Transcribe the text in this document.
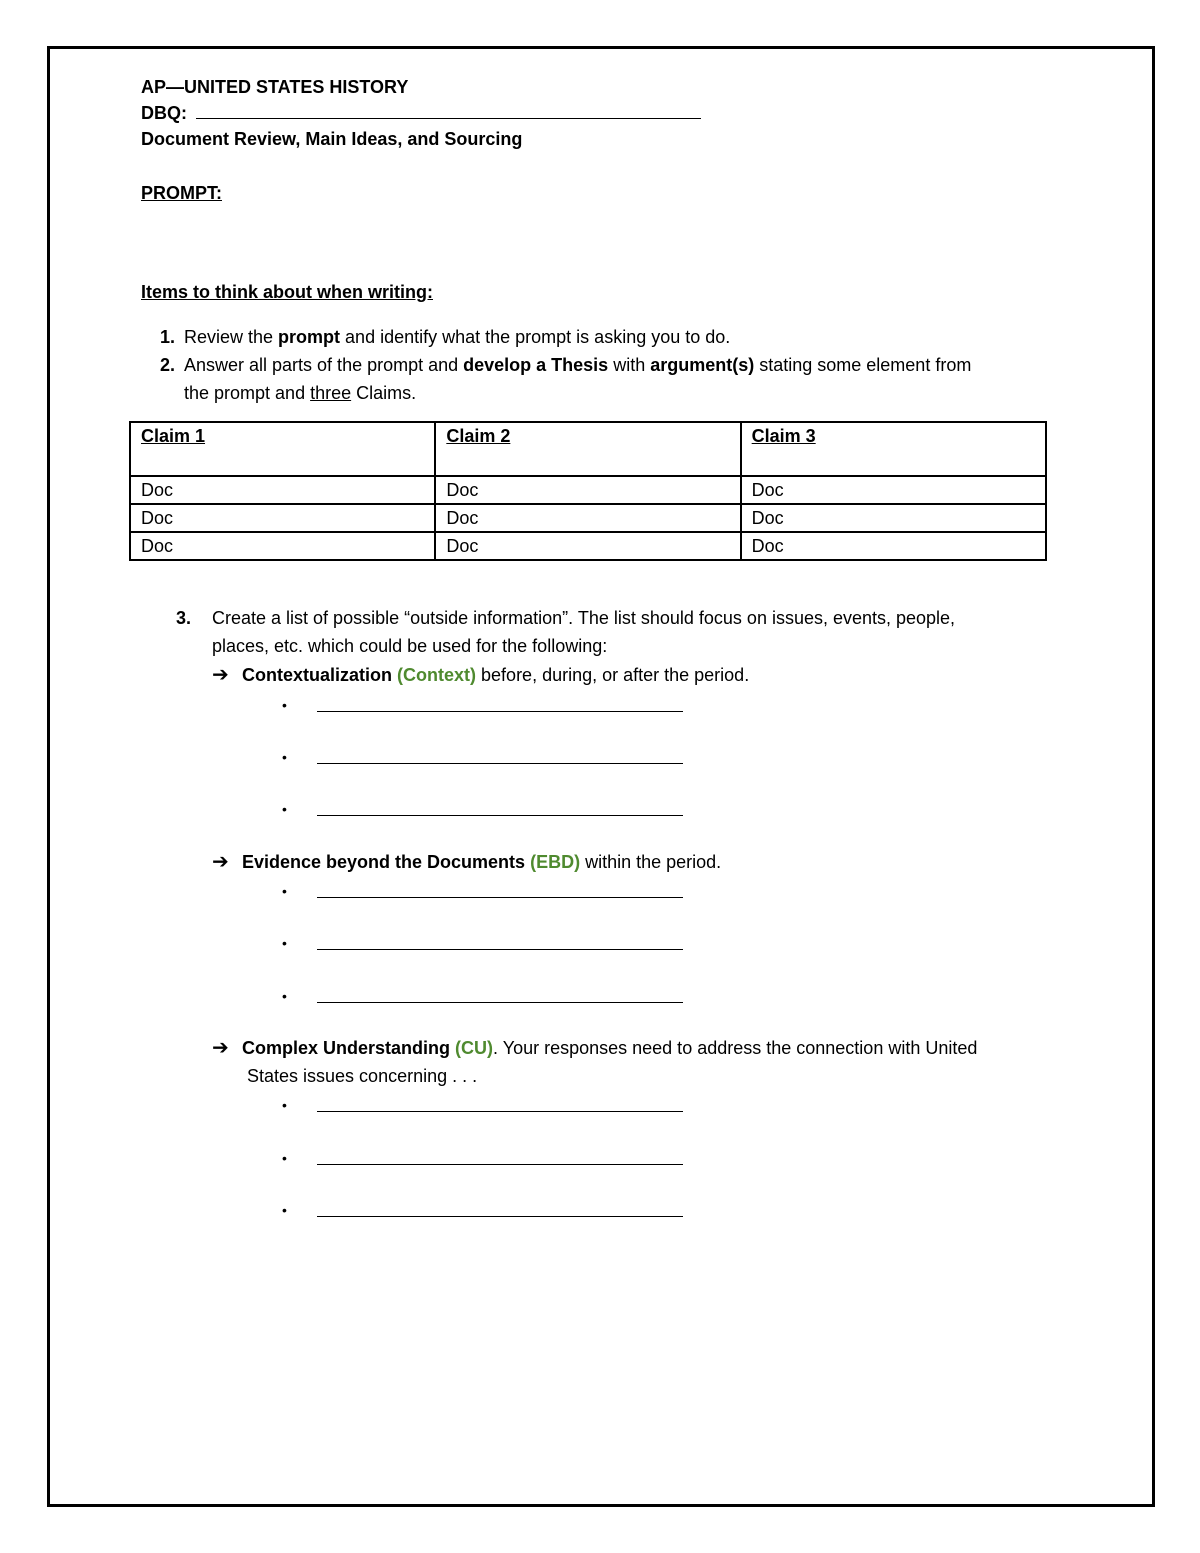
AP—UNITED STATES HISTORY
DBQ:
Document Review, Main Ideas, and Sourcing
PROMPT:
Items to think about when writing:
1. Review the prompt and identify what the prompt is asking you to do.
2. Answer all parts of the prompt and develop a Thesis with argument(s) stating some element from
the prompt and three Claims.
Claim 1	Claim 2	Claim 3
Doc	Doc	Doc
Doc	Doc	Doc
Doc	Doc	Doc
3. Create a list of possible “outside information”. The list should focus on issues, events, people,
places, etc. which could be used for the following:
➔ Contextualization (Context) before, during, or after the period.
•
•
•
➔ Evidence beyond the Documents (EBD) within the period.
•
•
•
➔ Complex Understanding (CU). Your responses need to address the connection with United
States issues concerning . . .
•
•
•
